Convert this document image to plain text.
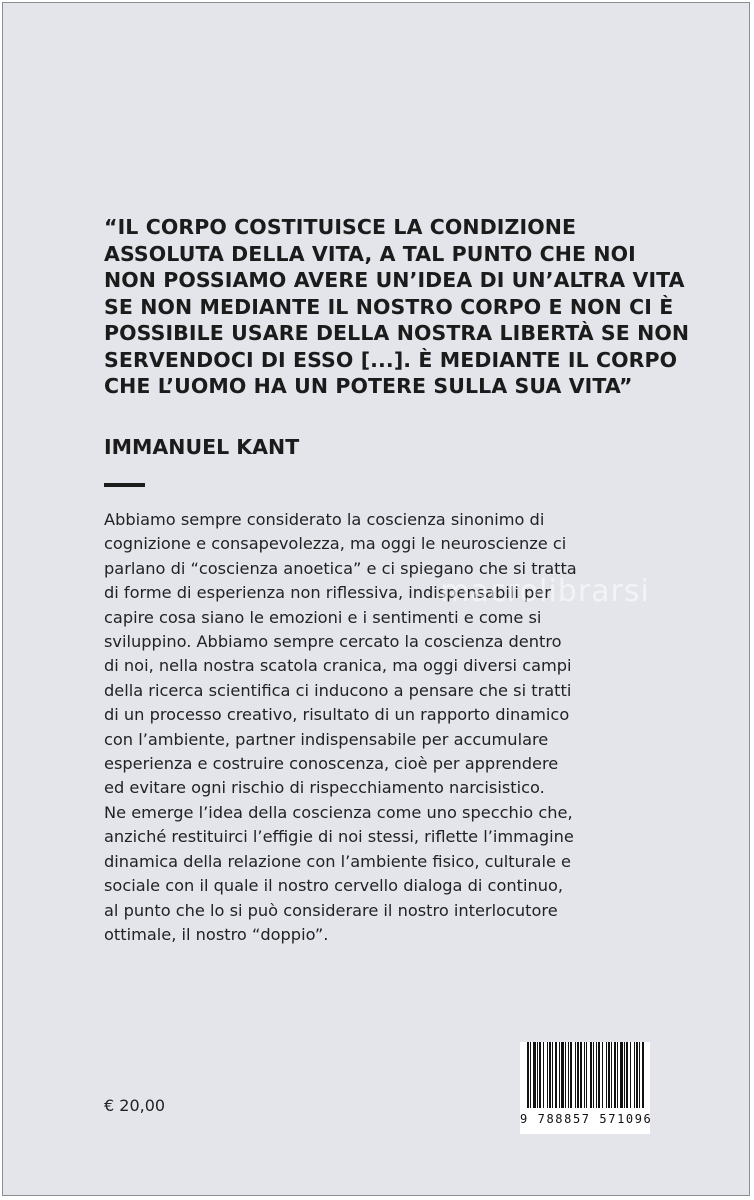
“IL CORPO COSTITUISCE LA CONDIZIONE
ASSOLUTA DELLA VITA, A TAL PUNTO CHE NOI
NON POSSIAMO AVERE UN’IDEA DI UN’ALTRA VITA
SE NON MEDIANTE IL NOSTRO CORPO E NON CI È
POSSIBILE USARE DELLA NOSTRA LIBERTÀ SE NON
SERVENDOCI DI ESSO [...]. È MEDIANTE IL CORPO
CHE L’UOMO HA UN POTERE SULLA SUA VITA”
IMMANUEL KANT
Abbiamo sempre considerato la coscienza sinonimo di
cognizione e consapevolezza, ma oggi le neuroscienze ci
parlano di “coscienza anoetica” e ci spiegano che si tratta
di forme di esperienza non riflessiva, indispensabili per
capire cosa siano le emozioni e i sentimenti e come si
sviluppino. Abbiamo sempre cercato la coscienza dentro
di noi, nella nostra scatola cranica, ma oggi diversi campi
della ricerca scientifica ci inducono a pensare che si tratti
di un processo creativo, risultato di un rapporto dinamico
con l’ambiente, partner indispensabile per accumulare
esperienza e costruire conoscenza, cioè per apprendere
ed evitare ogni rischio di rispecchiamento narcisistico.
Ne emerge l’idea della coscienza come uno specchio che,
anziché restituirci l’effigie di noi stessi, riflette l’immagine
dinamica della relazione con l’ambiente fisico, culturale e
sociale con il quale il nostro cervello dialoga di continuo,
al punto che lo si può considerare il nostro interlocutore
ottimale, il nostro “doppio”.
macrolibrarsi
€ 20,00
9 788857 571096
